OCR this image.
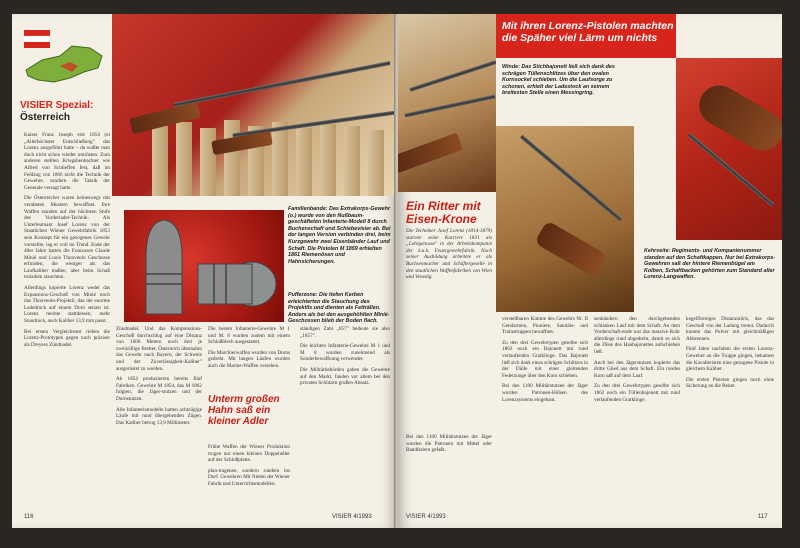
VISIER Spezial:
Österreich

Kaiser Franz Joseph erst 1854 (ei „Allerhöchster Entschließung" das Lorenz ausgeführt hatte – da wußte man doch nicht schon wieder umrüsten. Zum anderen stellten Kriegsbeobachter wie Alfred von Schlieffen fest, daß im Feldzug von 1866 nicht die Technik der Gewehre, sondern die Taktik der Generale versagt hatte.

Die Österreicher waren keineswegs mit veralteten Mustern bewaffnet. Ihre Waffen standen auf der höchsten Stufe des Vorderlader-Technik. Als Unterleutnant Josef Lorenz von der Staatlichen Wiener Gewehrfabrik 1853 sein Konzept für ein gezogenes Gewehr vorstellte, lag er voll im Trend. Ende der 40er Jahre hatten die Franzosen Claude Minié und Louis Thouvenin Geschosse erfunden, die weniger als das Laufkaliber maßen, aber beim Schuß trotzdem stauchten.

Allerdings kopierte Lorenz weder das Expansions-Geschoß von Minié noch das Thouvenin-Projektil, das der enorme Ladedruck auf einem Dorn setzen ist. Lorenz meinte stattdessen, mehr Staudruck, auch Kaliber 13,9 mm passt.

Bei ersten Vergleichstest rieben die Lorenz-Prototypen gegen nach präziser als Dreyses Zündnadel.

Familienbande: Das Extrakorps-Gewehr (o.) wurde von den Nußbaum-geschäfteten Infanterie-Modell 8 durch Buchenschaft und Schiebevisier ab. Bei der langen Version verbinden drei, beim Kurzgewehr zwei Eisenbänder Lauf und Schaft. Die Pistolen M 1859 erhielten 1861 Riemenösen und Hahnsicherungen.
Pufferzone: Die tiefen Kerben erleichterten die Stauchung des Projektils und dienten als Fetträllen. Anders als bei den ausgehöhlten Minié-Geschossen blieb der Boden flach.

Zündnadel. Und das Kompressions-Geschoß durchschlug auf eine Distanz von 1600 Metern noch drei je zweizöllige Bretter. Österreich übernahm das Gewehr nach Bayern, der Schweiz und der Zuverlässigkeit-Kaliber" ausgerüstet zu werden.

Ab 1854 produzierten bereits fünf Fabriken. Gewehre M 1854, das M 1862 folgten, die Jäger-stutzen und der Dornstutzen.

Alle Infanteriemodelle hatten achtzügige Läufe mit rund übergehenden Zügen. Das Kaliber betrug 13,9 Millimeter.

Unterm großen Hahn saß ein kleiner Adler

Frühe Waffen der Wiener Produktion trugen nur einen kleinen Doppeladler auf der Schloßplatte.

plan-tragenen, sondern rundem ins Dorf. Gewehren Mit Nieten der Wiener Fabrik und Unterrichtsmodellen.

Die besten Infanterie-Gewehre M 1 und M. 8 wurden zudem mit einem Schloßblech ausgestattet.

Die Marchierwaffen wurden von Dorns gedreht. Mit langen Läufen wurden auch die Marine-Waffen versehen.

ständigen Zahl „857" bedeute sie also „1857".

Die leichten Infanterie-Gewehre M 1 und M 8 wurden zunehmend als Sonderbewaffnung verwendet.

Die Militärbehörden gaben die Gewehre auf den Markt, fanden vor allem bei den privaten Schützen großen Absatz.

116	VISIER 4/1993
Mit ihren Lorenz-Pistolen machten die Späher viel Lärm um nichts
Winde: Das Stichbajonett ließ sich dank des schrägen Tüllenschlitzes über den ovalen Kornsockel schieben. Um die Laufsorge zu schonen, erhielt der Ladestock an seinem breitesten Stelle einen Messingring.
Kehrseite: Regiments- und Kompanienummer standen auf den Schaftkappen. Nur bei Extrakorps-Gewehren saß der hintere Riemenbügel am Kolben, Schaftbacken gehörten zum Standard aller Lorenz-Langwaffen.
Ein Ritter mit Eisen-Krone

Die Techniker Josef Lorenz (1814-1879) startete seine Karriere 1831 als „Lehrgenosse" in der Arbeitskompanie der k.u.k. Feuergewehrfabrik. Nach seiner Ausbildung arbeitete er als Buchsenmacher und Schäftergeselle in den staatlichen Waffenfabriken von Wien und Venedig.

verstellbaren Kimme des Gewehrs Nr. II Gendarmen, Pioniere, Sanitäts- und Trainstruppen bewaffnet.

Zu den drei Gewehrtypen gesellte sich 1862 noch ein Bajonett mit rund verlaufenden Gratklinge. Das Bajonett ließ sich dank eines schrägen Schlitzes in der Dülle mit einer gleitenden Federzunge über den Korn schieben.

Bei den 1100 Militärstutzen der Jäger wurden Patronen-Hülsen des Lorenzsystems eingebaut.

senbändern den durchgehenden schlanken Lauf mit dem Schaft. An dem Vorderschaft-ende war das massive Rohr allerdings rund abgedreht, damit es sich die Düse des Haubajonettes aufschieben ließ.

Auch bei den Jägerstutzen kopierte das dritte Glied aus dem Schaft. Ein rundes Korn saß auf dem Lauf.

Zu den drei Gewehrtypen gesellte sich 1862 noch ein Tüllenbajonett mit rund verlaufenden Gratklinge.

kegelförmiges Distanzstück, das das Geschoß von der Ladung trennt. Dadurch konnte das Pulver mit gleichmäßigen Abbrennen.

Fünf Jahre nachdem die ersten Lorenz-Gewehre an die Truppe gingen, bekamen die Kavalleristen eine gezogene Pistole in gleichem Kaliber.

Die ersten Pistolen gingen noch ohne Sicherung an die Reiter.

Bei den 1100 Militärstutzen der Jäger wurden die Patronen mit Mittel oder Bandfedern gefaßt.

VISIER 4/1993	117
